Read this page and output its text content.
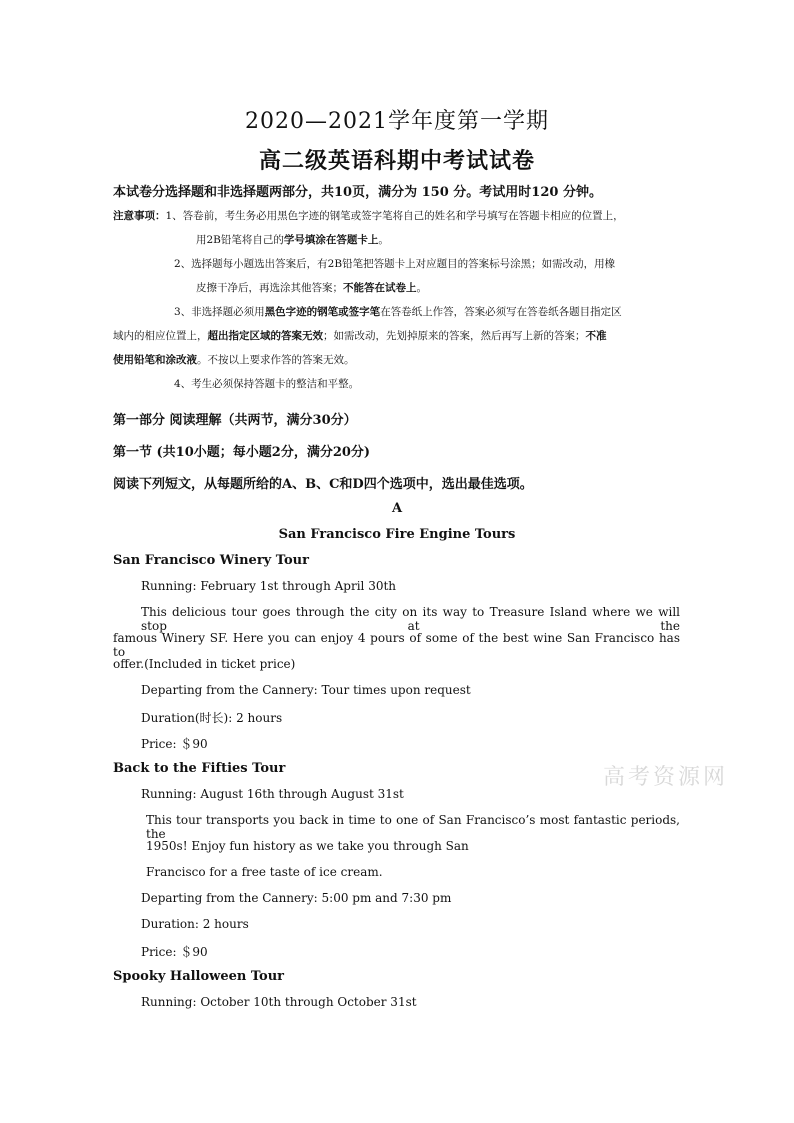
2020—2021学年度第一学期
高二级英语科期中考试试卷
本试卷分选择题和非选择题两部分，共10页，满分为 150 分。考试用时120 分钟。
注意事项：1、答卷前，考生务必用黑色字迹的钢笔或签字笔将自己的姓名和学号填写在答题卡相应的位置上，
用2B铅笔将自己的学号填涂在答题卡上。
2、选择题每小题选出答案后，有2B铅笔把答题卡上对应题目的答案标号涂黑；如需改动，用橡
皮擦干净后，再选涂其他答案；不能答在试卷上。
3、非选择题必须用黑色字迹的钢笔或签字笔在答卷纸上作答，答案必须写在答卷纸各题目指定区
域内的相应位置上，超出指定区域的答案无效；如需改动，先划掉原来的答案，然后再写上新的答案；不准
使用铅笔和涂改液。不按以上要求作答的答案无效。
4、考生必须保持答题卡的整洁和平整。
第一部分 阅读理解（共两节，满分30分）
第一节 (共10小题；每小题2分，满分20分)
阅读下列短文，从每题所给的A、B、C和D四个选项中，选出最佳选项。
A
San Francisco Fire Engine Tours
San Francisco Winery Tour
Running: February 1st through April 30th
This delicious tour goes through the city on its way to Treasure Island where we will stop at the
famous Winery SF. Here you can enjoy 4 pours of some of the best wine San Francisco has to
offer.(Included in ticket price)
Departing from the Cannery: Tour times upon request
Duration(时长): 2 hours
Price: ＄90
Back to the Fifties Tour
Running: August 16th through August 31st
This tour transports you back in time to one of San Francisco’s most fantastic periods, the
1950s! Enjoy fun history as we take you through San
Francisco for a free taste of ice cream.
Departing from the Cannery: 5:00 pm and 7:30 pm
Duration: 2 hours
Price: ＄90
Spooky Halloween Tour
Running: October 10th through October 31st
高考资源网
